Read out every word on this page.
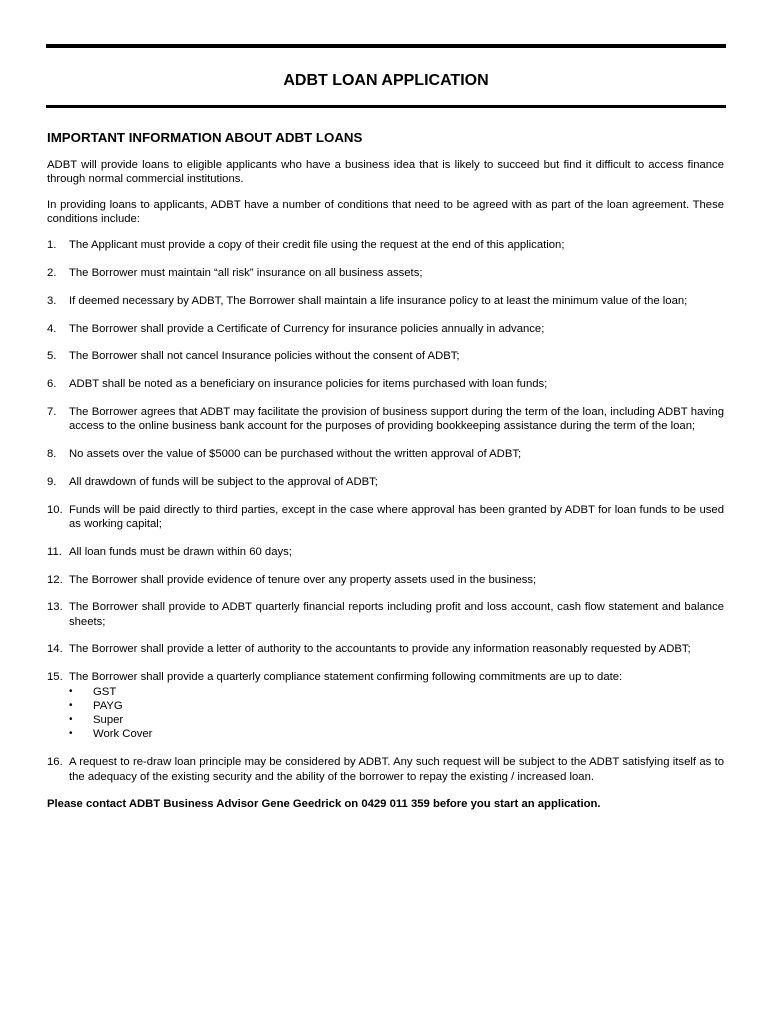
ADBT LOAN APPLICATION
IMPORTANT INFORMATION ABOUT ADBT LOANS

ADBT will provide loans to eligible applicants who have a business idea that is likely to succeed but find it difficult to access finance through normal commercial institutions.

In providing loans to applicants, ADBT have a number of conditions that need to be agreed with as part of the loan agreement. These conditions include:

1.	The Applicant must provide a copy of their credit file using the request at the end of this application;
2.	The Borrower must maintain “all risk” insurance on all business assets;
3.	If deemed necessary by ADBT, The Borrower shall maintain a life insurance policy to at least the minimum value of the loan;
4.	The Borrower shall provide a Certificate of Currency for insurance policies annually in advance;
5.	The Borrower shall not cancel Insurance policies without the consent of ADBT;
6.	ADBT shall be noted as a beneficiary on insurance policies for items purchased with loan funds;
7.	The Borrower agrees that ADBT may facilitate the provision of business support during the term of the loan, including ADBT having access to the online business bank account for the purposes of providing bookkeeping assistance during the term of the loan;
8.	No assets over the value of $5000 can be purchased without the written approval of ADBT;
9.	All drawdown of funds will be subject to the approval of ADBT;
10. Funds will be paid directly to third parties, except in the case where approval has been granted by ADBT for loan funds to be used as working capital;
11. All loan funds must be drawn within 60 days;
12. The Borrower shall provide evidence of tenure over any property assets used in the business;
13. The Borrower shall provide to ADBT quarterly financial reports including profit and loss account, cash flow statement and balance sheets;
14. The Borrower shall provide a letter of authority to the accountants to provide any information reasonably requested by ADBT;
15. The Borrower shall provide a quarterly compliance statement confirming following commitments are up to date:
•	GST
•	PAYG
•	Super
•	Work Cover
16. A request to re-draw loan principle may be considered by ADBT. Any such request will be subject to the ADBT satisfying itself as to the adequacy of the existing security and the ability of the borrower to repay the existing / increased loan.

Please contact ADBT Business Advisor Gene Geedrick on 0429 011 359 before you start an application.
